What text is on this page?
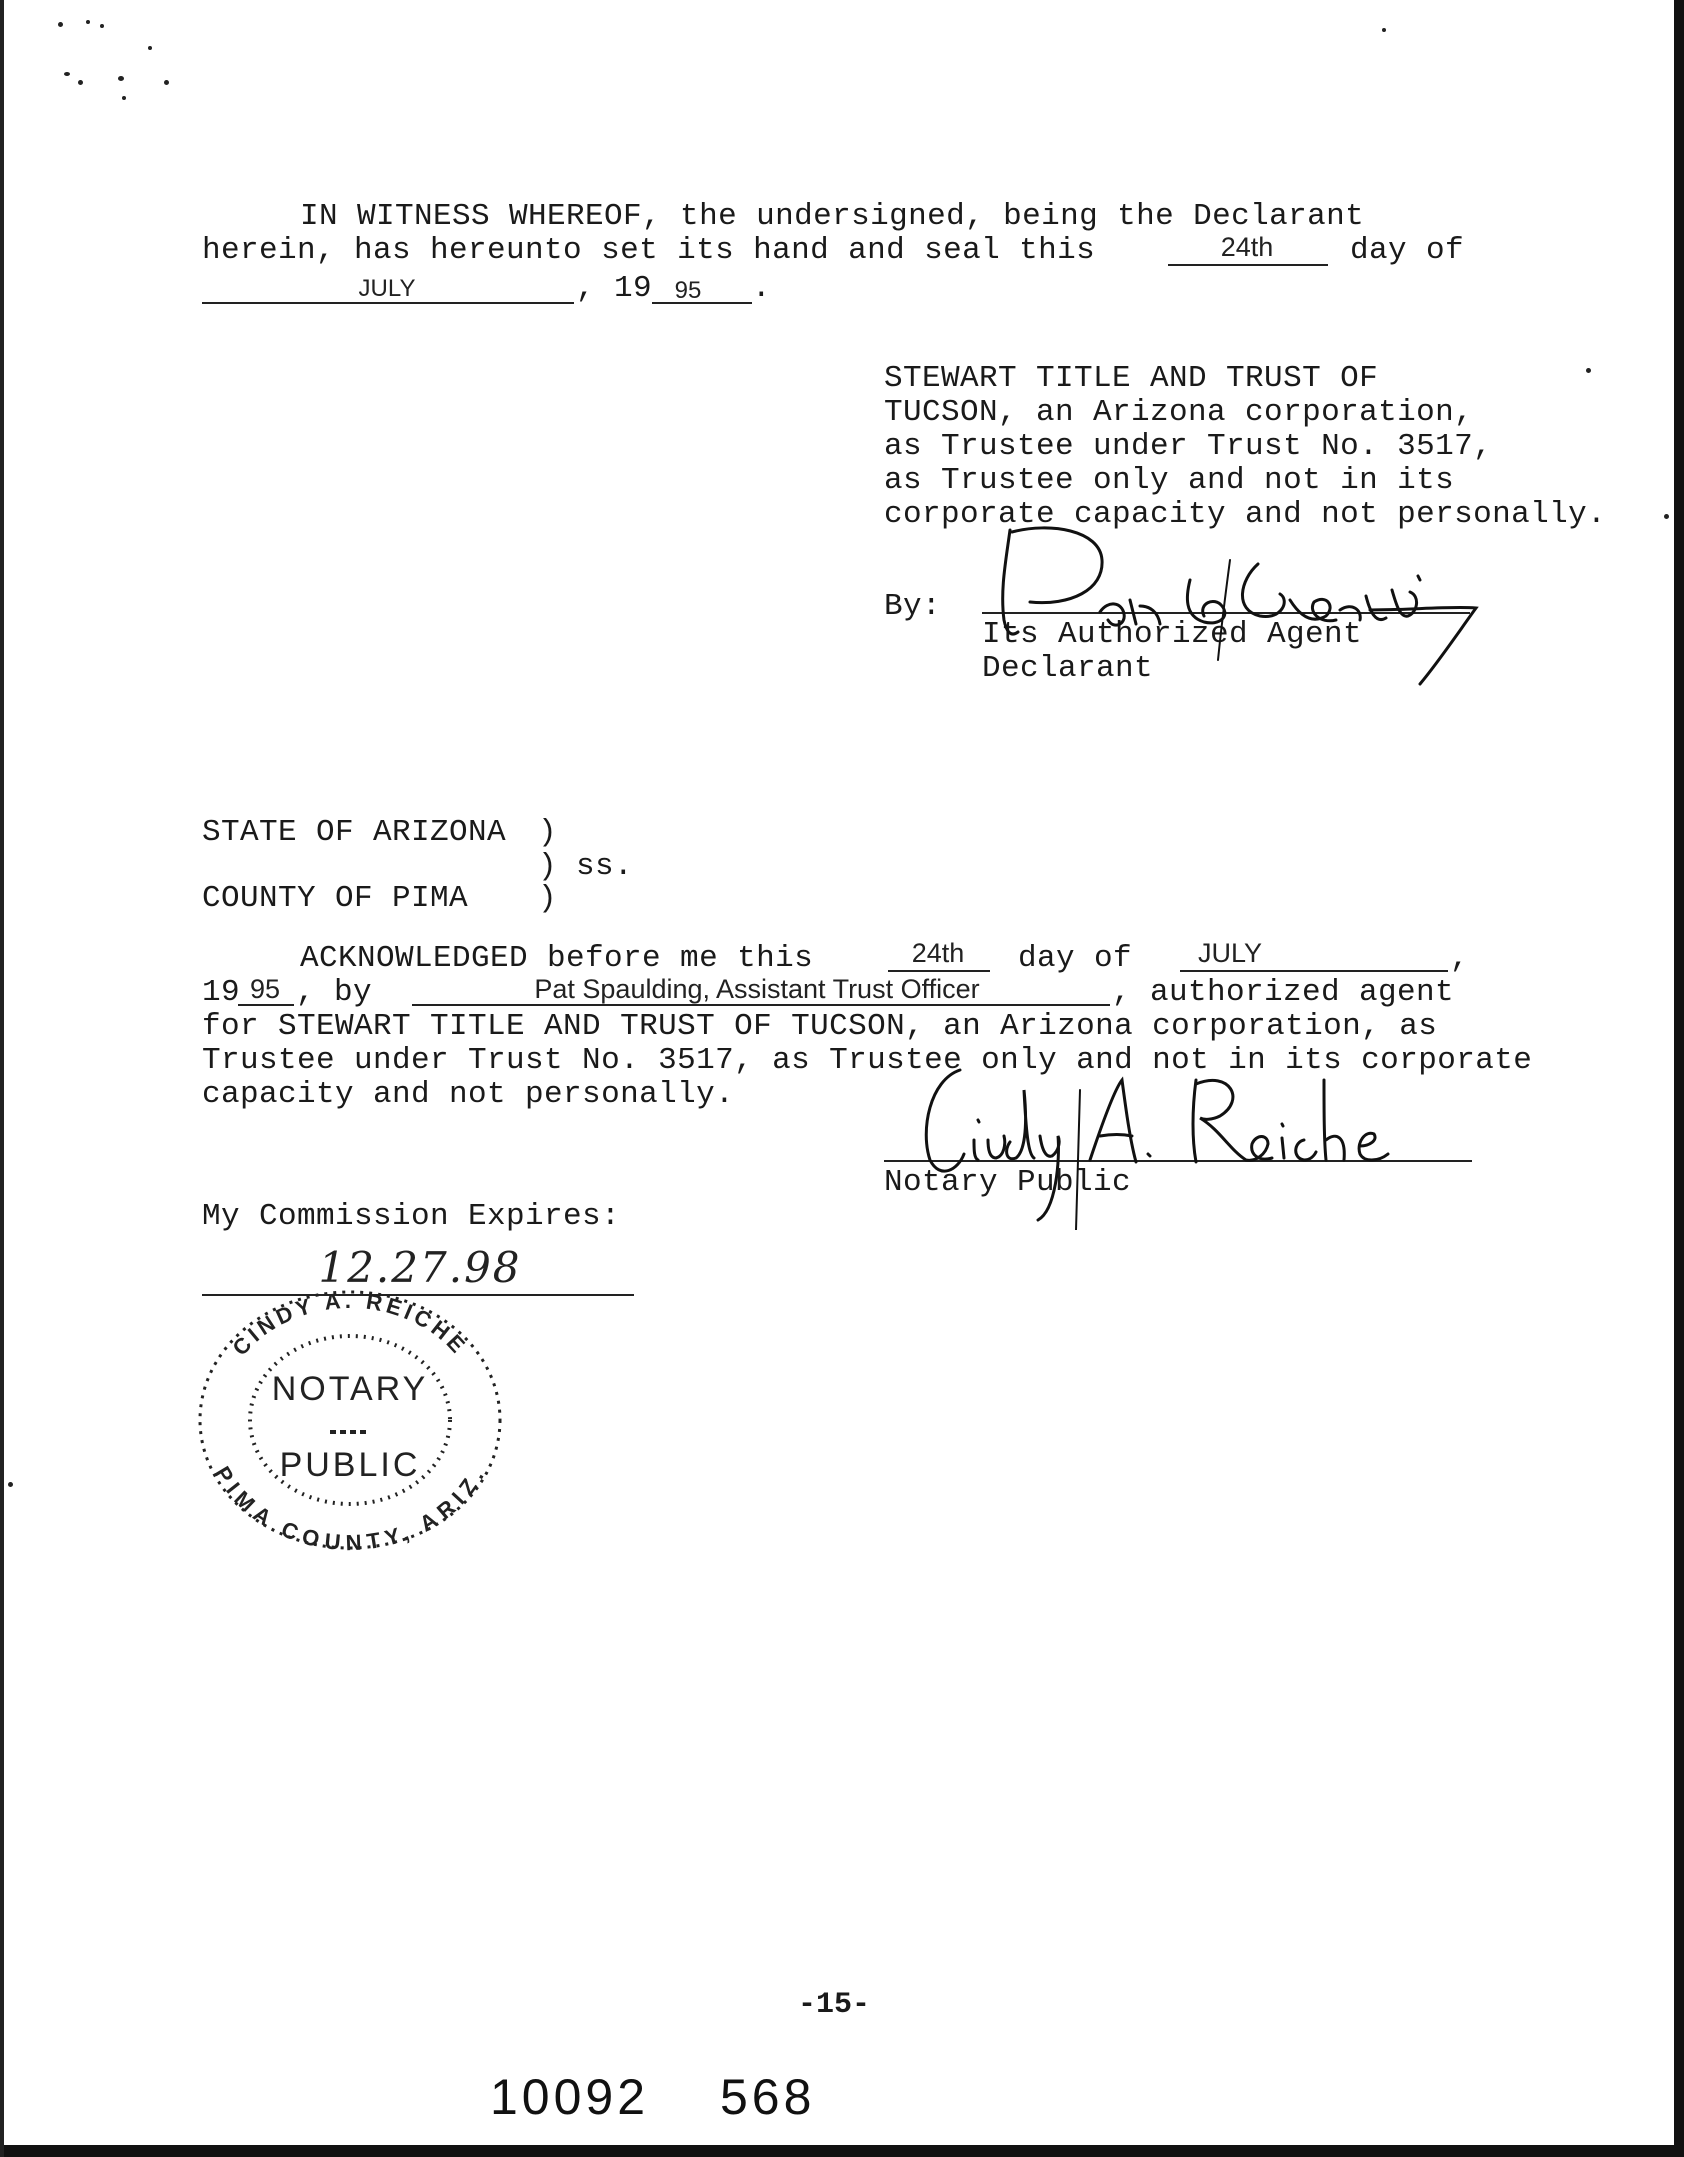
IN WITNESS WHEREOF, the undersigned, being the Declarant
herein, has hereunto set its hand and seal this	24th	day of
JULY	, 19 95	.
STEWART TITLE AND TRUST OF
TUCSON, an Arizona corporation,
as Trustee under Trust No. 3517,
as Trustee only and not in its
corporate capacity and not personally.
By:
Its Authorized Agent
Declarant
STATE OF ARIZONA )
) ss.
COUNTY OF PIMA )
ACKNOWLEDGED before me this	24th	day of	JULY	,
19 95 , by	Pat Spaulding, Assistant Trust Officer	, authorized agent
for STEWART TITLE AND TRUST OF TUCSON, an Arizona corporation, as
Trustee under Trust No. 3517, as Trustee only and not in its corporate
capacity and not personally.
Notary Public
My Commission Expires:
12.27.98
NOTARY
PUBLIC
CINDY A. REICHE
PIMA COUNTY, ARIZ.
-15-
10092 568
